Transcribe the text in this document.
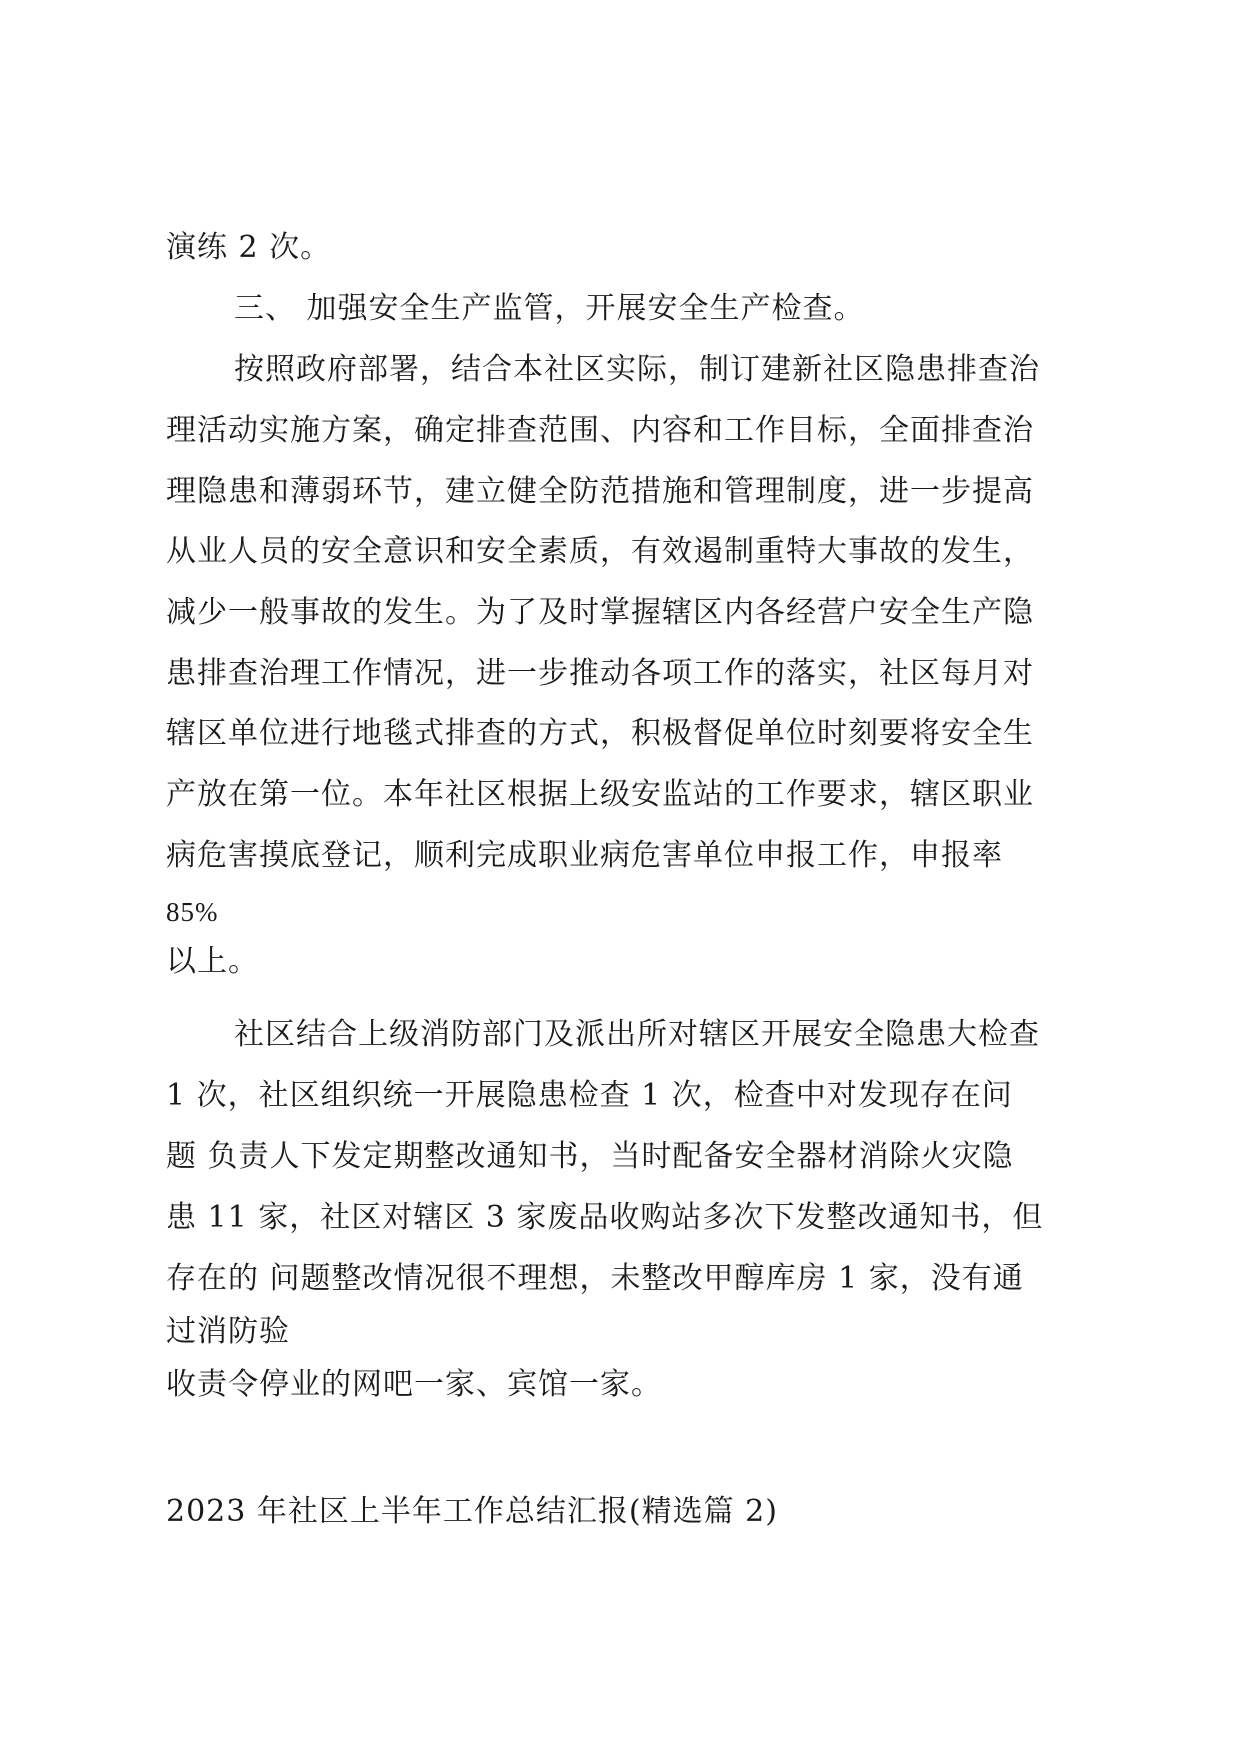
演练 2 次。
三、 加强安全生产监管，开展安全生产检查。
按照政府部署，结合本社区实际，制订建新社区隐患排查治
理活动实施方案，确定排查范围、内容和工作目标，全面排查治
理隐患和薄弱环节，建立健全防范措施和管理制度，进一步提高
从业人员的安全意识和安全素质，有效遏制重特大事故的发生，
减少一般事故的发生。为了及时掌握辖区内各经营户安全生产隐
患排查治理工作情况，进一步推动各项工作的落实，社区每月对
辖区单位进行地毯式排查的方式，积极督促单位时刻要将安全生
产放在第一位。本年社区根据上级安监站的工作要求，辖区职业
病危害摸底登记，顺利完成职业病危害单位申报工作，申报率
85%
以上。
社区结合上级消防部门及派出所对辖区开展安全隐患大检查
1 次，社区组织统一开展隐患检查 1 次，检查中对发现存在问
题 负责人下发定期整改通知书，当时配备安全器材消除火灾隐
患 11 家，社区对辖区 3 家废品收购站多次下发整改通知书，但
存在的 问题整改情况很不理想，未整改甲醇库房 1 家，没有通
过消防验
收责令停业的网吧一家、宾馆一家。
2023 年社区上半年工作总结汇报(精选篇 2)
